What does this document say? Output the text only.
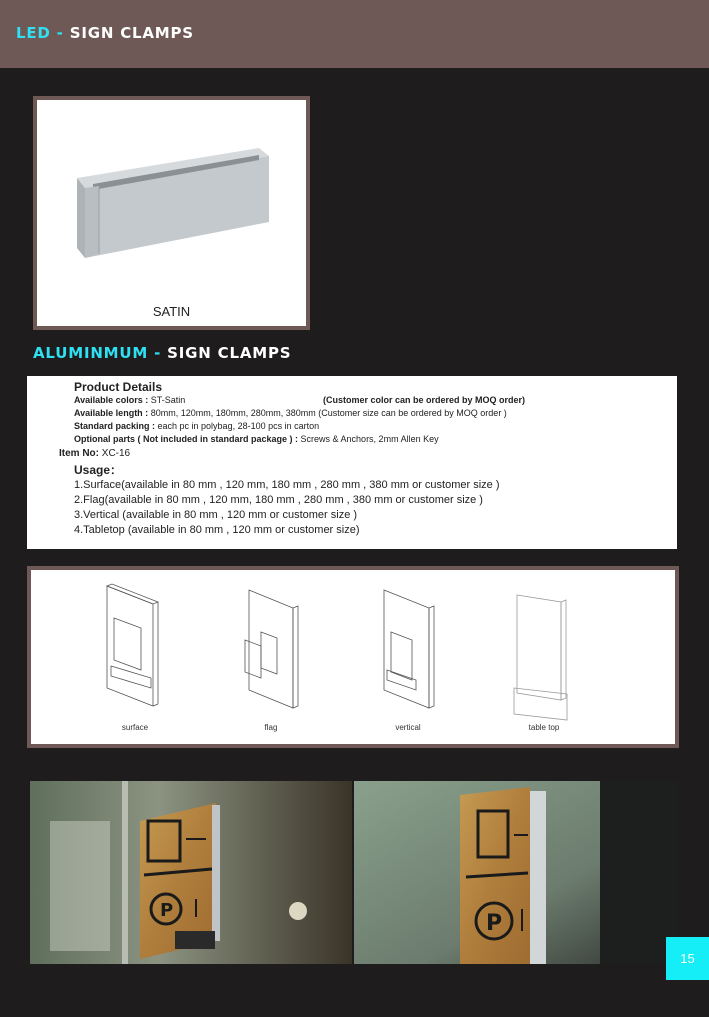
LED - SIGN CLAMPS
SATIN
ALUMINMUM - SIGN CLAMPS
Product Details
Available colors : ST-Satin	(Customer color can be ordered by MOQ order)
Available length : 80mm, 120mm, 180mm, 280mm, 380mm (Customer size can be ordered by MOQ order )
Standard packing : each pc in polybag, 28-100 pcs in carton
Optional parts ( Not included in standard package ) : Screws & Anchors, 2mm Allen Key
Item No: XC-16
Usage：
1.Surface(available in 80 mm , 120 mm, 180 mm , 280 mm , 380 mm or customer size )
2.Flag(available in 80 mm , 120 mm, 180 mm , 280 mm , 380 mm or customer size )
3.Vertical (available in 80 mm , 120 mm or customer size )
4.Tabletop (available in 80 mm , 120 mm or customer size)
surface	flag	vertical	table top
P
P
15
